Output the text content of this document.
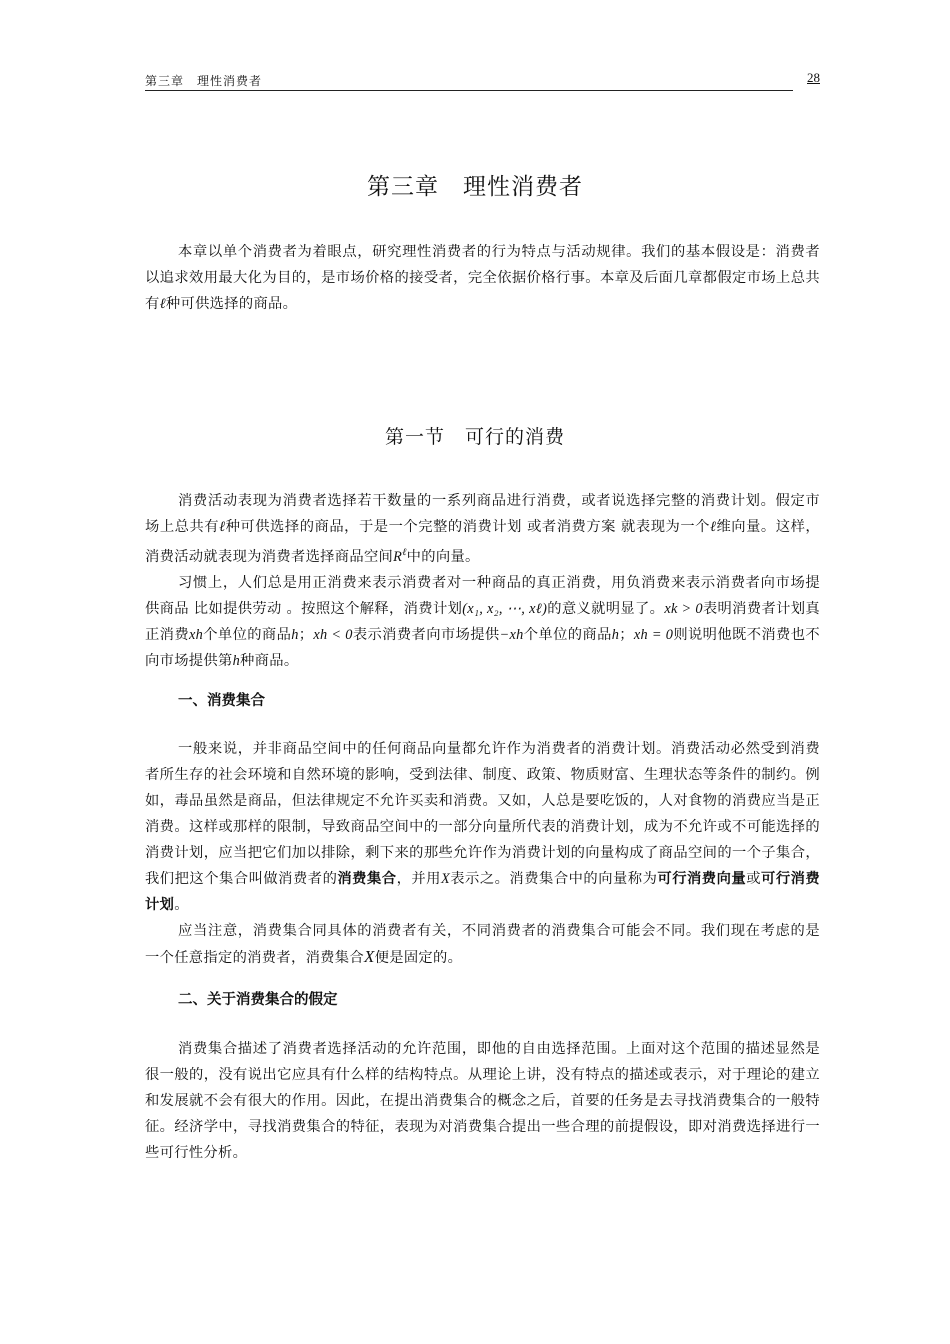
第三章　理性消费者	28
第三章　理性消费者

本章以单个消费者为着眼点，研究理性消费者的行为特点与活动规律。我们的基本假设是：消费者以追求效用最大化为目的，是市场价格的接受者，完全依据价格行事。本章及后面几章都假定市场上总共有ℓ种可供选择的商品。

第一节　可行的消费

消费活动表现为消费者选择若干数量的一系列商品进行消费，或者说选择完整的消费计划。假定市场上总共有ℓ种可供选择的商品，于是一个完整的消费计划 或者消费方案 就表现为一个ℓ维向量。这样，消费活动就表现为消费者选择商品空间$R^\ell$中的向量。

习惯上，人们总是用正消费来表示消费者对一种商品的真正消费，用负消费来表示消费者向市场提供商品 比如提供劳动 。按照这个解释，消费计划(x₁, x₂, ⋯, xℓ)的意义就明显了。xk > 0表明消费者计划真正消费xh个单位的商品h；xh < 0表示消费者向市场提供−xh个单位的商品h；xh = 0则说明他既不消费也不向市场提供第h种商品。

一、消费集合

一般来说，并非商品空间中的任何商品向量都允许作为消费者的消费计划。消费活动必然受到消费者所生存的社会环境和自然环境的影响，受到法律、制度、政策、物质财富、生理状态等条件的制约。例如，毒品虽然是商品，但法律规定不允许买卖和消费。又如，人总是要吃饭的，人对食物的消费应当是正消费。这样或那样的限制，导致商品空间中的一部分向量所代表的消费计划，成为不允许或不可能选择的消费计划，应当把它们加以排除，剩下来的那些允许作为消费计划的向量构成了商品空间的一个子集合，我们把这个集合叫做消费者的消费集合，并用X表示之。消费集合中的向量称为可行消费向量或可行消费计划。

应当注意，消费集合同具体的消费者有关，不同消费者的消费集合可能会不同。我们现在考虑的是一个任意指定的消费者，消费集合X便是固定的。

二、关于消费集合的假定

消费集合描述了消费者选择活动的允许范围，即他的自由选择范围。上面对这个范围的描述显然是很一般的，没有说出它应具有什么样的结构特点。从理论上讲，没有特点的描述或表示，对于理论的建立和发展就不会有很大的作用。因此，在提出消费集合的概念之后，首要的任务是去寻找消费集合的一般特征。经济学中，寻找消费集合的特征，表现为对消费集合提出一些合理的前提假设，即对消费选择进行一些可行性分析。
